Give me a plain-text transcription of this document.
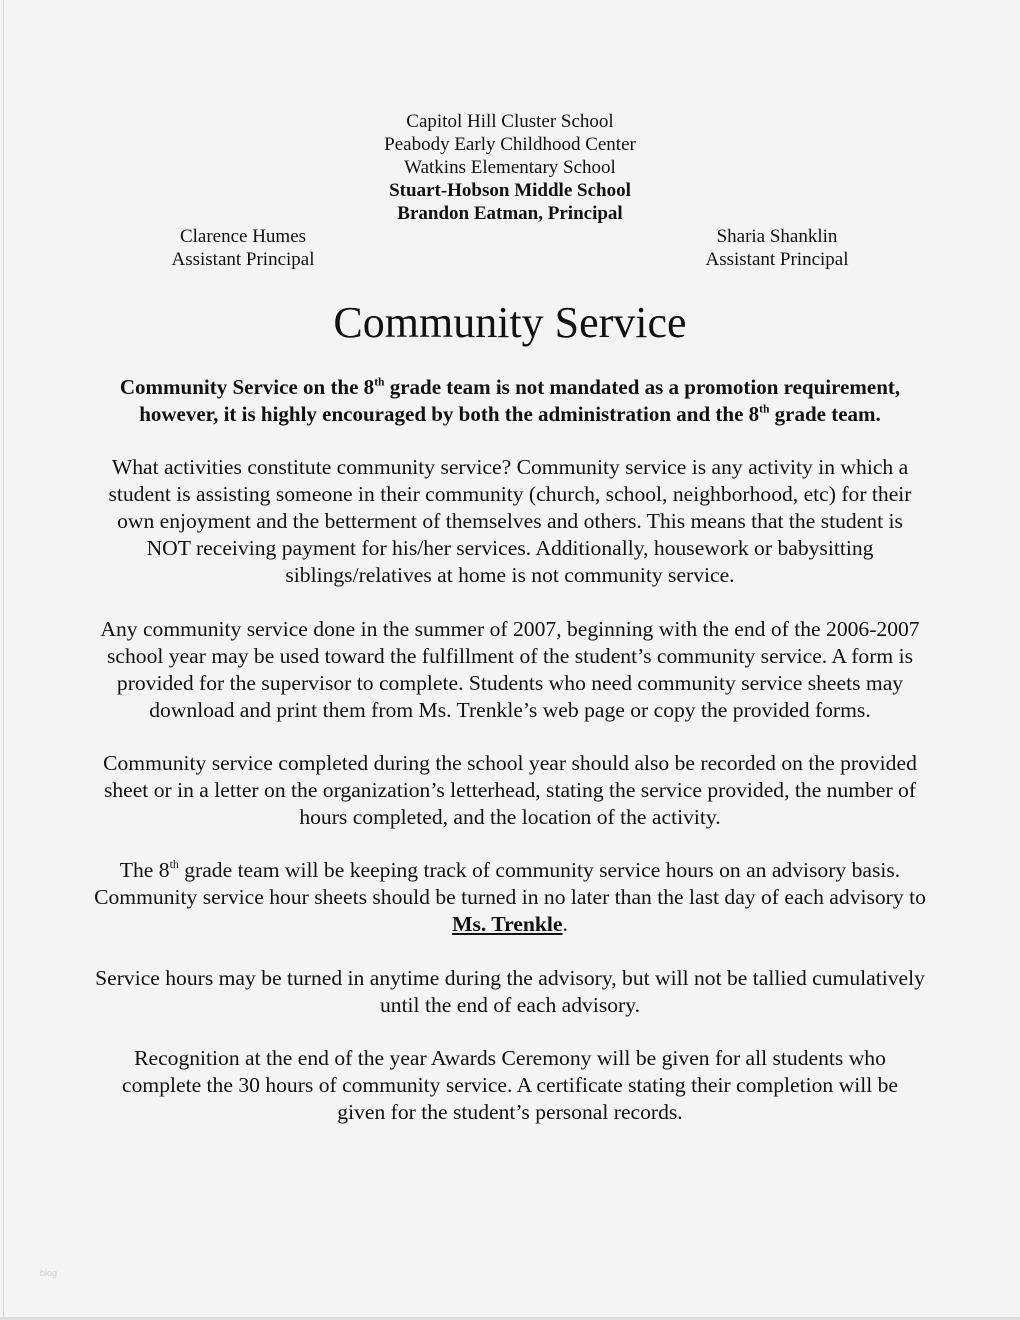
Capitol Hill Cluster School
Peabody Early Childhood Center
Watkins Elementary School
Stuart-Hobson Middle School
Brandon Eatman, Principal
Clarence Humes
Assistant Principal
Sharia Shanklin
Assistant Principal
Community Service
Community Service on the 8th grade team is not mandated as a promotion requirement,
however, it is highly encouraged by both the administration and the 8th grade team.
What activities constitute community service? Community service is any activity in which a
student is assisting someone in their community (church, school, neighborhood, etc) for their
own enjoyment and the betterment of themselves and others. This means that the student is
NOT receiving payment for his/her services. Additionally, housework or babysitting
siblings/relatives at home is not community service.
Any community service done in the summer of 2007, beginning with the end of the 2006-2007
school year may be used toward the fulfillment of the student’s community service. A form is
provided for the supervisor to complete. Students who need community service sheets may
download and print them from Ms. Trenkle’s web page or copy the provided forms.
Community service completed during the school year should also be recorded on the provided
sheet or in a letter on the organization’s letterhead, stating the service provided, the number of
hours completed, and the location of the activity.
The 8th grade team will be keeping track of community service hours on an advisory basis.
Community service hour sheets should be turned in no later than the last day of each advisory to
Ms. Trenkle.
Service hours may be turned in anytime during the advisory, but will not be tallied cumulatively
until the end of each advisory.
Recognition at the end of the year Awards Ceremony will be given for all students who
complete the 30 hours of community service. A certificate stating their completion will be
given for the student’s personal records.
blog
